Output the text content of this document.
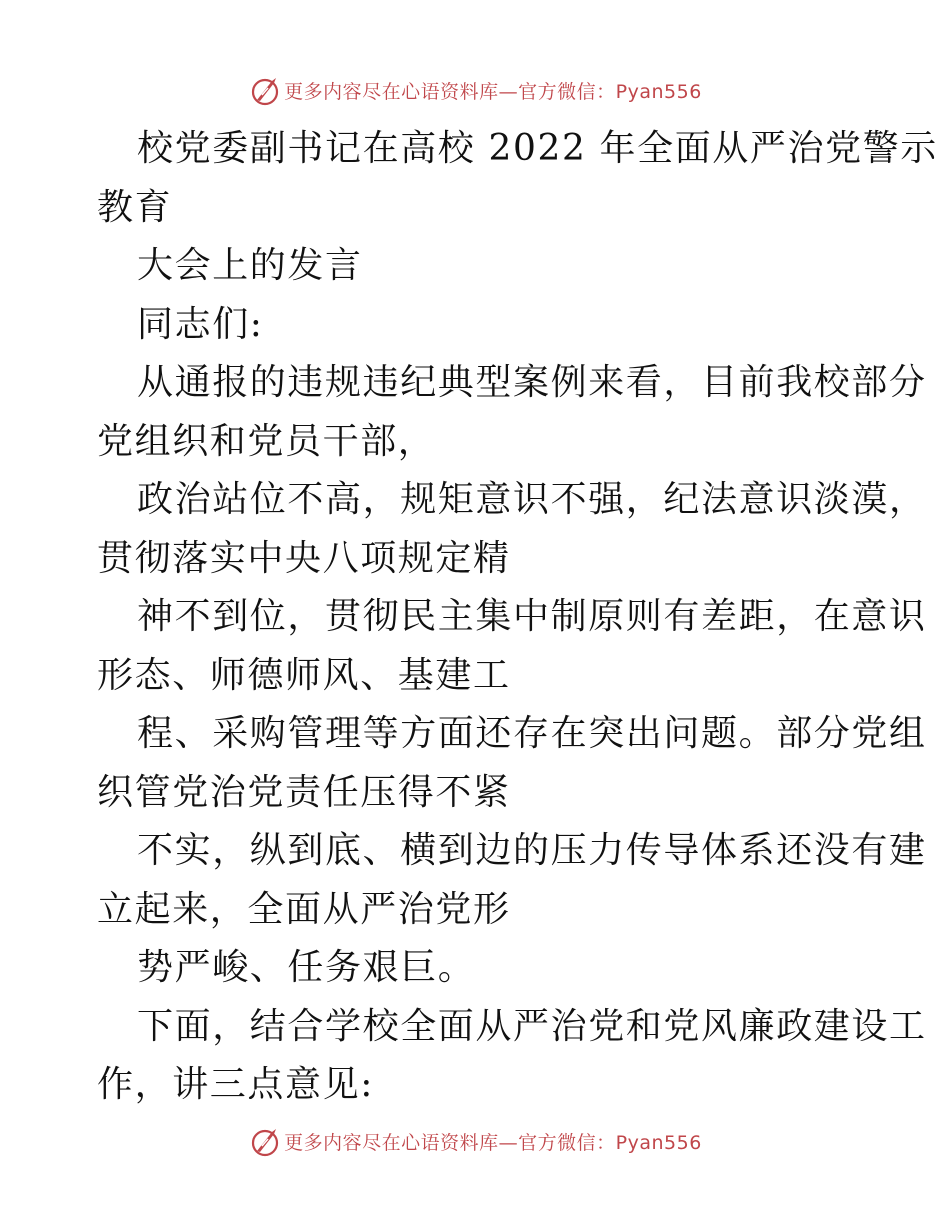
更多内容尽在心语资料库—官方微信：Pyan556
校党委副书记在高校 2022 年全面从严治党警示
教育
大会上的发言
同志们:
从通报的违规违纪典型案例来看，目前我校部分
党组织和党员干部，
政治站位不高，规矩意识不强，纪法意识淡漠，
贯彻落实中央八项规定精
神不到位，贯彻民主集中制原则有差距，在意识
形态、师德师风、基建工
程、采购管理等方面还存在突出问题。部分党组
织管党治党责任压得不紧
不实，纵到底、横到边的压力传导体系还没有建
立起来，全面从严治党形
势严峻、任务艰巨。
下面，结合学校全面从严治党和党风廉政建设工
作，讲三点意见:
更多内容尽在心语资料库—官方微信：Pyan556
